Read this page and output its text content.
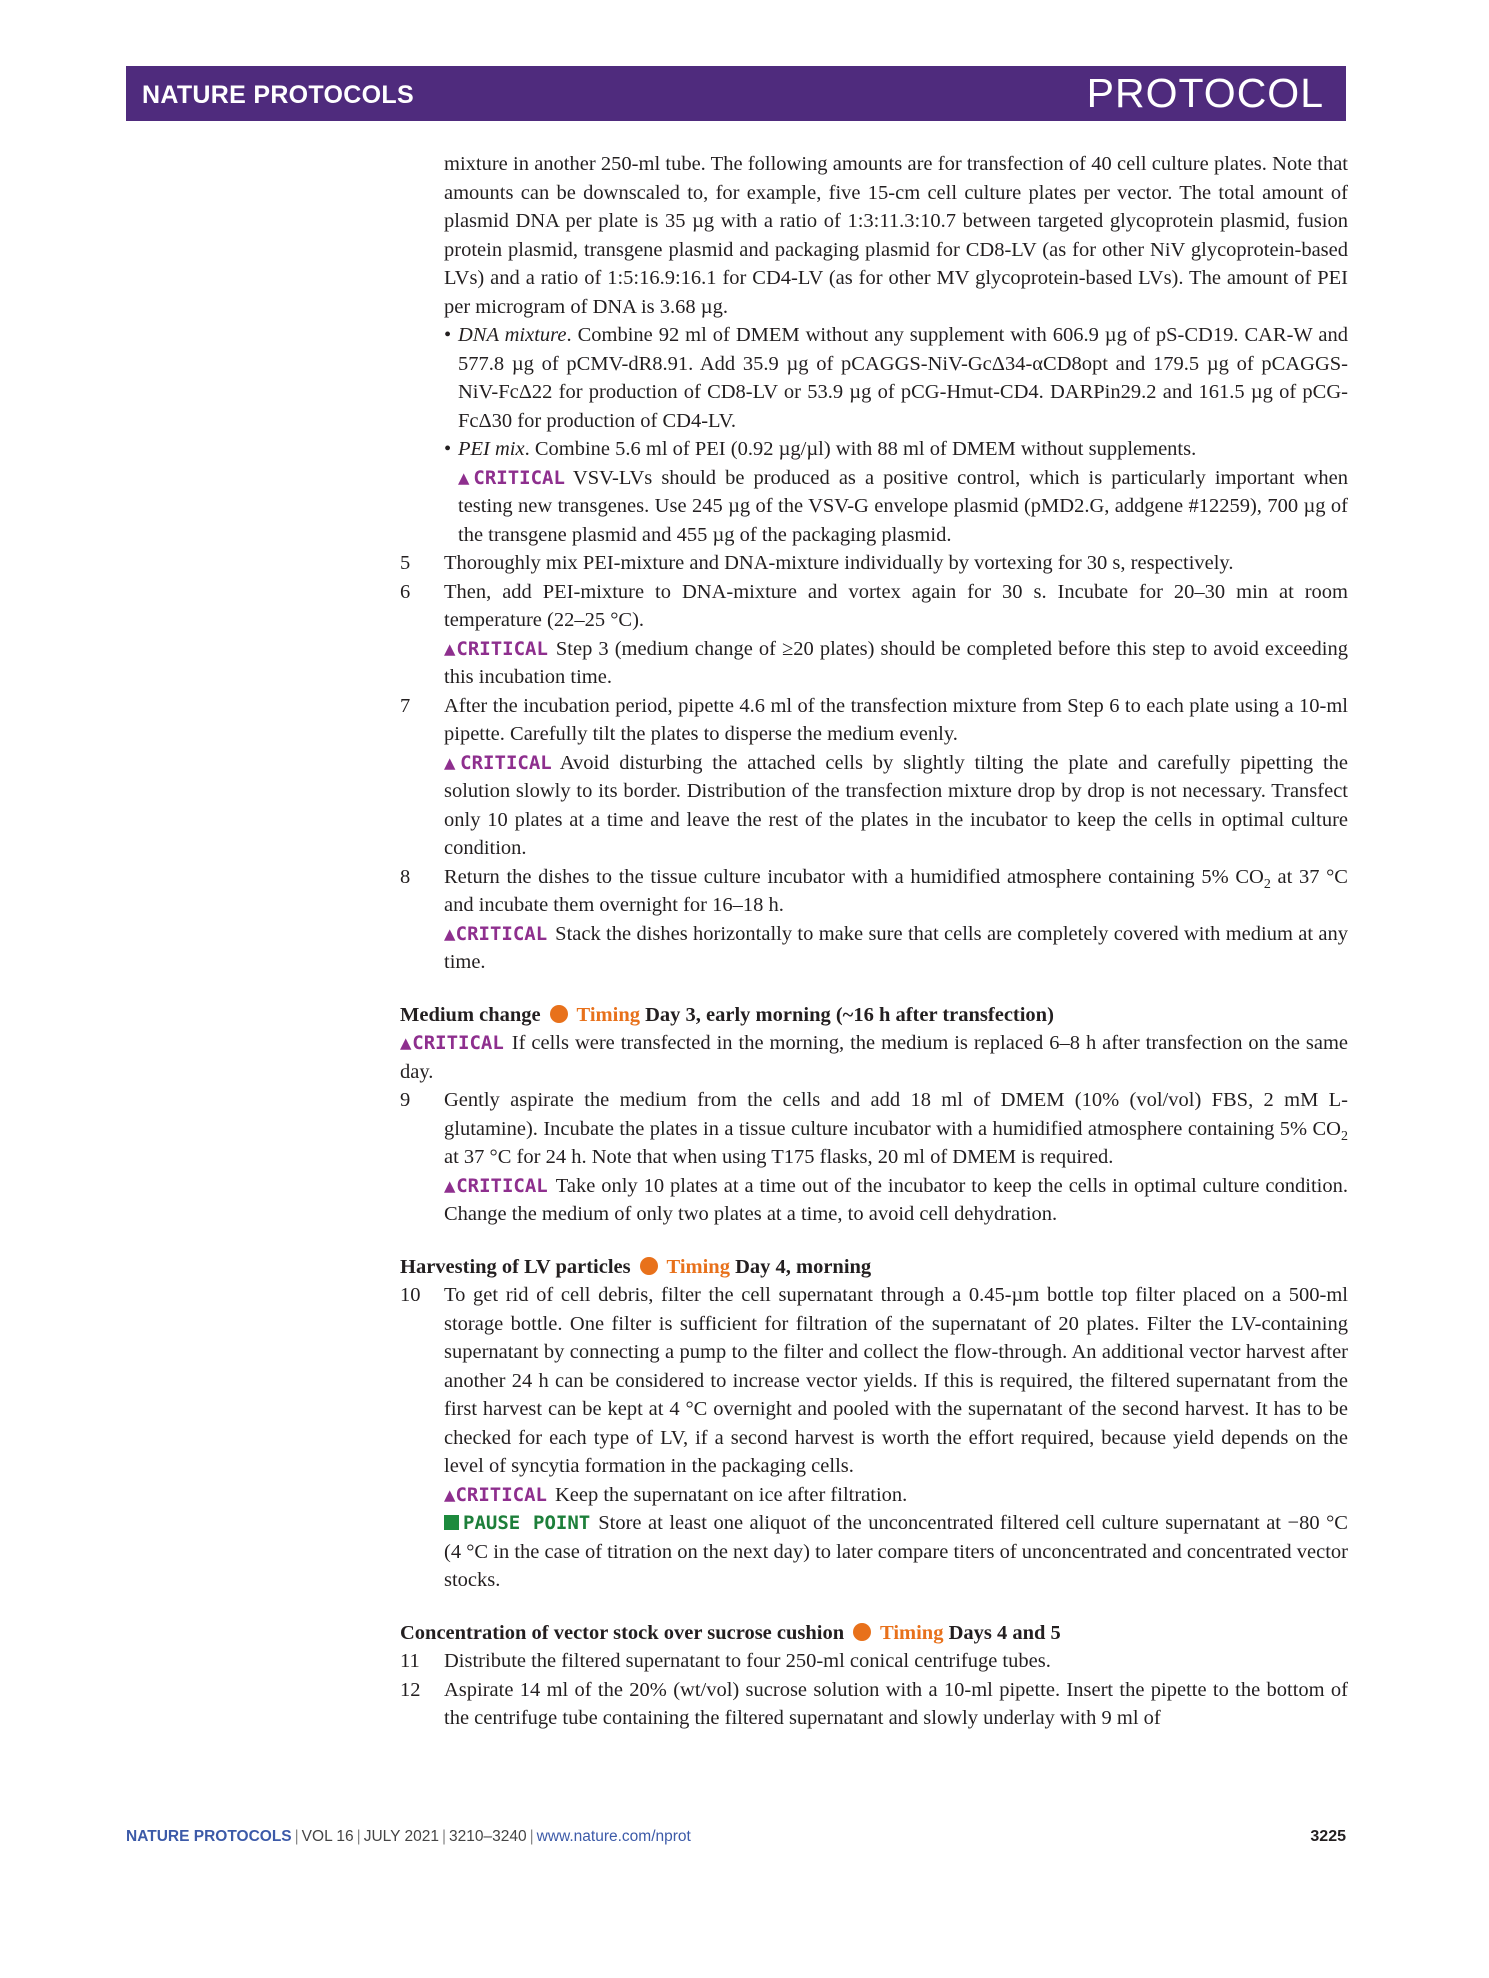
NATURE PROTOCOLS	PROTOCOL
mixture in another 250-ml tube. The following amounts are for transfection of 40 cell culture plates. Note that amounts can be downscaled to, for example, five 15-cm cell culture plates per vector. The total amount of plasmid DNA per plate is 35 µg with a ratio of 1:3:11.3:10.7 between targeted glycoprotein plasmid, fusion protein plasmid, transgene plasmid and packaging plasmid for CD8-LV (as for other NiV glycoprotein-based LVs) and a ratio of 1:5:16.9:16.1 for CD4-LV (as for other MV glycoprotein-based LVs). The amount of PEI per microgram of DNA is 3.68 µg.
• DNA mixture. Combine 92 ml of DMEM without any supplement with 606.9 µg of pS-CD19. CAR-W and 577.8 µg of pCMV-dR8.91. Add 35.9 µg of pCAGGS-NiV-GcΔ34-αCD8opt and 179.5 µg of pCAGGS-NiV-FcΔ22 for production of CD8-LV or 53.9 µg of pCG-Hmut-CD4. DARPin29.2 and 161.5 µg of pCG-FcΔ30 for production of CD4-LV.
• PEI mix. Combine 5.6 ml of PEI (0.92 µg/µl) with 88 ml of DMEM without supplements.
▲CRITICAL VSV-LVs should be produced as a positive control, which is particularly important when testing new transgenes. Use 245 µg of the VSV-G envelope plasmid (pMD2.G, addgene #12259), 700 µg of the transgene plasmid and 455 µg of the packaging plasmid.
5 Thoroughly mix PEI-mixture and DNA-mixture individually by vortexing for 30 s, respectively.
6 Then, add PEI-mixture to DNA-mixture and vortex again for 30 s. Incubate for 20–30 min at room temperature (22–25 °C).
▲CRITICAL Step 3 (medium change of ≥20 plates) should be completed before this step to avoid exceeding this incubation time.
7 After the incubation period, pipette 4.6 ml of the transfection mixture from Step 6 to each plate using a 10-ml pipette. Carefully tilt the plates to disperse the medium evenly.
▲CRITICAL Avoid disturbing the attached cells by slightly tilting the plate and carefully pipetting the solution slowly to its border. Distribution of the transfection mixture drop by drop is not necessary. Transfect only 10 plates at a time and leave the rest of the plates in the incubator to keep the cells in optimal culture condition.
8 Return the dishes to the tissue culture incubator with a humidified atmosphere containing 5% $CO_2$ at 37 °C and incubate them overnight for 16–18 h.
▲CRITICAL Stack the dishes horizontally to make sure that cells are completely covered with medium at any time.
Medium change Timing Day 3, early morning (~16 h after transfection)
▲CRITICAL If cells were transfected in the morning, the medium is replaced 6–8 h after transfection on the same day.
9 Gently aspirate the medium from the cells and add 18 ml of DMEM (10% (vol/vol) FBS, 2 mM L-glutamine). Incubate the plates in a tissue culture incubator with a humidified atmosphere containing 5% $CO_2$ at 37 °C for 24 h. Note that when using T175 flasks, 20 ml of DMEM is required.
▲CRITICAL Take only 10 plates at a time out of the incubator to keep the cells in optimal culture condition. Change the medium of only two plates at a time, to avoid cell dehydration.
Harvesting of LV particles Timing Day 4, morning
10 To get rid of cell debris, filter the cell supernatant through a 0.45-µm bottle top filter placed on a 500-ml storage bottle. One filter is sufficient for filtration of the supernatant of 20 plates. Filter the LV-containing supernatant by connecting a pump to the filter and collect the flow-through. An additional vector harvest after another 24 h can be considered to increase vector yields. If this is required, the filtered supernatant from the first harvest can be kept at 4 °C overnight and pooled with the supernatant of the second harvest. It has to be checked for each type of LV, if a second harvest is worth the effort required, because yield depends on the level of syncytia formation in the packaging cells.
▲CRITICAL Keep the supernatant on ice after filtration.
PAUSE POINT Store at least one aliquot of the unconcentrated filtered cell culture supernatant at −80 °C (4 °C in the case of titration on the next day) to later compare titers of unconcentrated and concentrated vector stocks.
Concentration of vector stock over sucrose cushion Timing Days 4 and 5
11 Distribute the filtered supernatant to four 250-ml conical centrifuge tubes.
12 Aspirate 14 ml of the 20% (wt/vol) sucrose solution with a 10-ml pipette. Insert the pipette to the bottom of the centrifuge tube containing the filtered supernatant and slowly underlay with 9 ml of
NATURE PROTOCOLS | VOL 16 | JULY 2021 | 3210–3240 | www.nature.com/nprot	3225
